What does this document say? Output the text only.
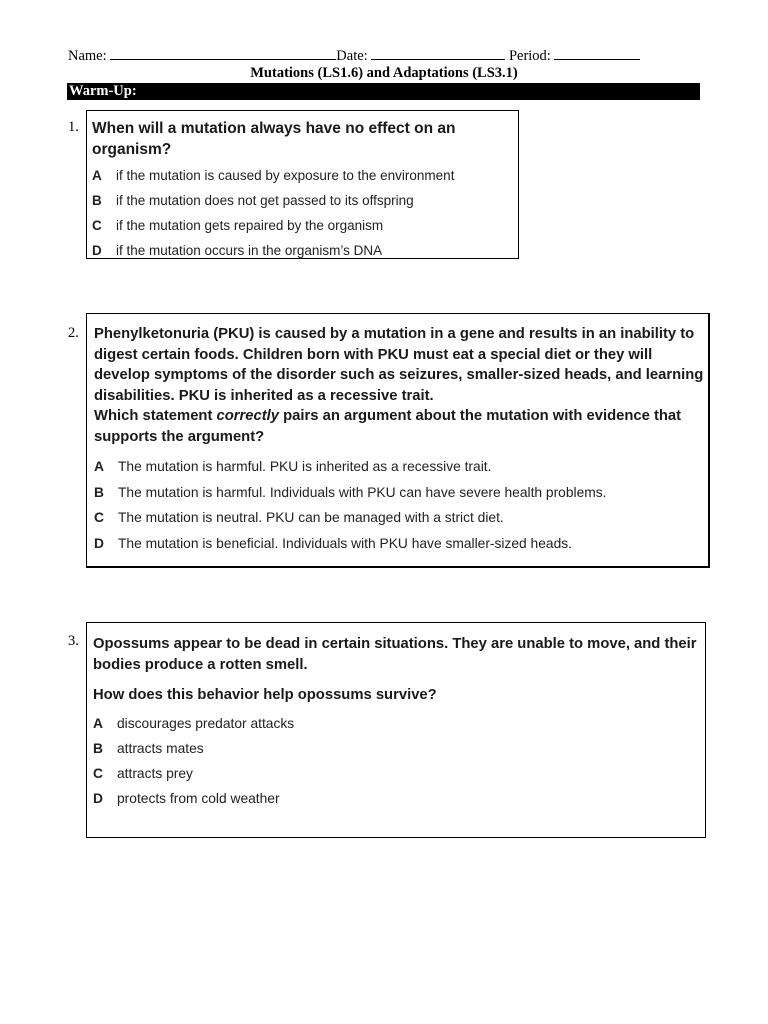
Name:	Date:	Period:
Mutations (LS1.6) and Adaptations (LS3.1)
Warm-Up:
1. When will a mutation always have no effect on an organism?
A	if the mutation is caused by exposure to the environment
B	if the mutation does not get passed to its offspring
C	if the mutation gets repaired by the organism
D	if the mutation occurs in the organism’s DNA
2. Phenylketonuria (PKU) is caused by a mutation in a gene and results in an inability to digest certain foods. Children born with PKU must eat a special diet or they will develop symptoms of the disorder such as seizures, smaller-sized heads, and learning disabilities. PKU is inherited as a recessive trait.
Which statement correctly pairs an argument about the mutation with evidence that supports the argument?
A	The mutation is harmful. PKU is inherited as a recessive trait.
B	The mutation is harmful. Individuals with PKU can have severe health problems.
C	The mutation is neutral. PKU can be managed with a strict diet.
D	The mutation is beneficial. Individuals with PKU have smaller-sized heads.
3. Opossums appear to be dead in certain situations. They are unable to move, and their bodies produce a rotten smell.
How does this behavior help opossums survive?
A	discourages predator attacks
B	attracts mates
C	attracts prey
D	protects from cold weather
